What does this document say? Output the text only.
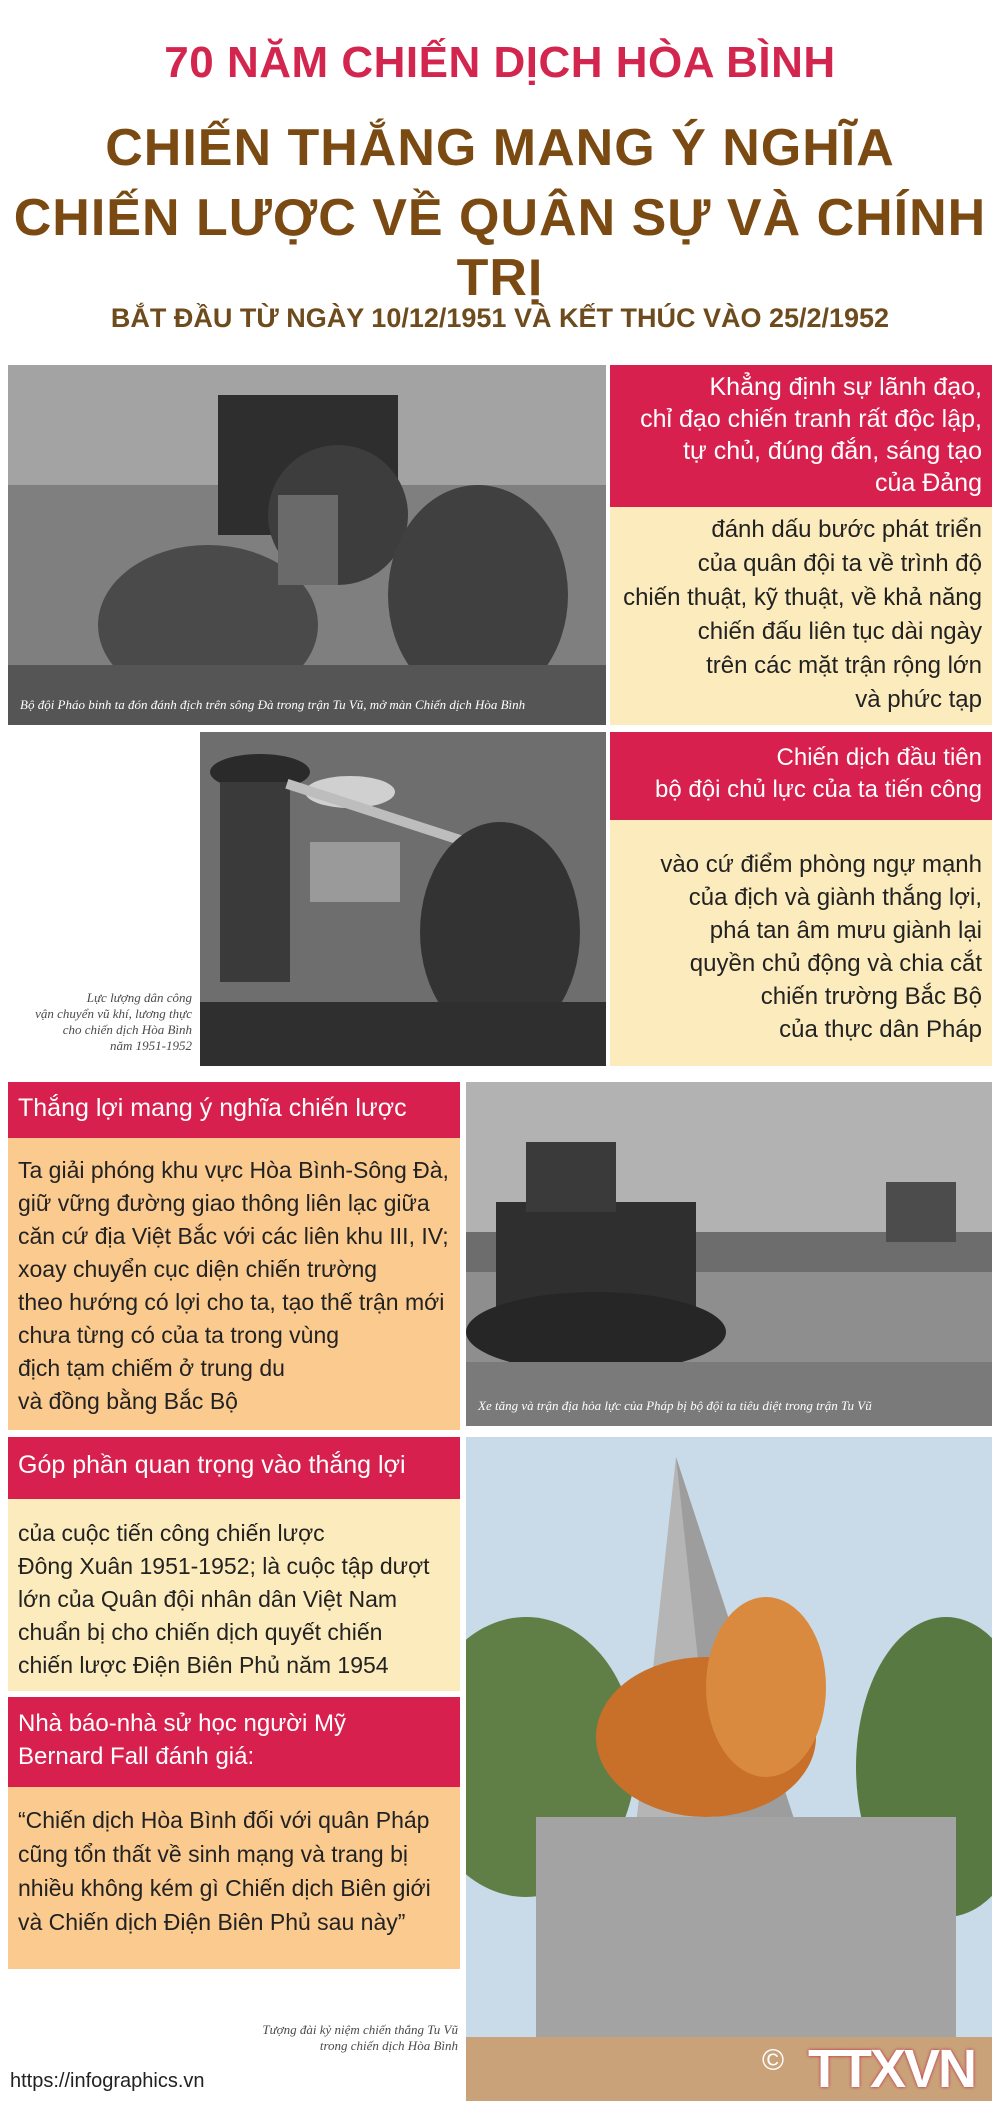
70 NĂM CHIẾN DỊCH HÒA BÌNH
CHIẾN THẮNG MANG Ý NGHĨA
CHIẾN LƯỢC VỀ QUÂN SỰ VÀ CHÍNH TRỊ
BẮT ĐẦU TỪ NGÀY 10/12/1951 VÀ KẾT THÚC VÀO 25/2/1952
Bộ đội Pháo binh ta đón đánh địch trên sông Đà trong trận Tu Vũ, mở màn Chiến dịch Hòa Bình
Khẳng định sự lãnh đạo,
chỉ đạo chiến tranh rất độc lập,
tự chủ, đúng đắn, sáng tạo
của Đảng
đánh dấu bước phát triển
của quân đội ta về trình độ
chiến thuật, kỹ thuật, về khả năng
chiến đấu liên tục dài ngày
trên các mặt trận rộng lớn
và phức tạp
Lực lượng dân công
vận chuyển vũ khí, lương thực
cho chiến dịch Hòa Bình
năm 1951-1952
Chiến dịch đầu tiên
bộ đội chủ lực của ta tiến công
vào cứ điểm phòng ngự mạnh
của địch và giành thắng lợi,
phá tan âm mưu giành lại
quyền chủ động và chia cắt
chiến trường Bắc Bộ
của thực dân Pháp
Thắng lợi mang ý nghĩa chiến lược
Ta giải phóng khu vực Hòa Bình-Sông Đà,
giữ vững đường giao thông liên lạc giữa
căn cứ địa Việt Bắc với các liên khu III, IV;
xoay chuyển cục diện chiến trường
theo hướng có lợi cho ta, tạo thế trận mới
chưa từng có của ta trong vùng
địch tạm chiếm ở trung du
và đồng bằng Bắc Bộ	Xe tăng và trận địa hỏa lực của Pháp bị bộ đội ta tiêu diệt trong trận Tu Vũ
Góp phần quan trọng vào thắng lợi
của cuộc tiến công chiến lược
Đông Xuân 1951-1952; là cuộc tập dượt
lớn của Quân đội nhân dân Việt Nam
chuẩn bị cho chiến dịch quyết chiến
chiến lược Điện Biên Phủ năm 1954
Nhà báo-nhà sử học người Mỹ
Bernard Fall đánh giá:
“Chiến dịch Hòa Bình đối với quân Pháp
cũng tổn thất về sinh mạng và trang bị
nhiều không kém gì Chiến dịch Biên giới
và Chiến dịch Điện Biên Phủ sau này”
Tượng đài kỷ niệm chiến thắng Tu Vũ
trong chiến dịch Hòa Bình
https://infographics.vn
© TTXVN
